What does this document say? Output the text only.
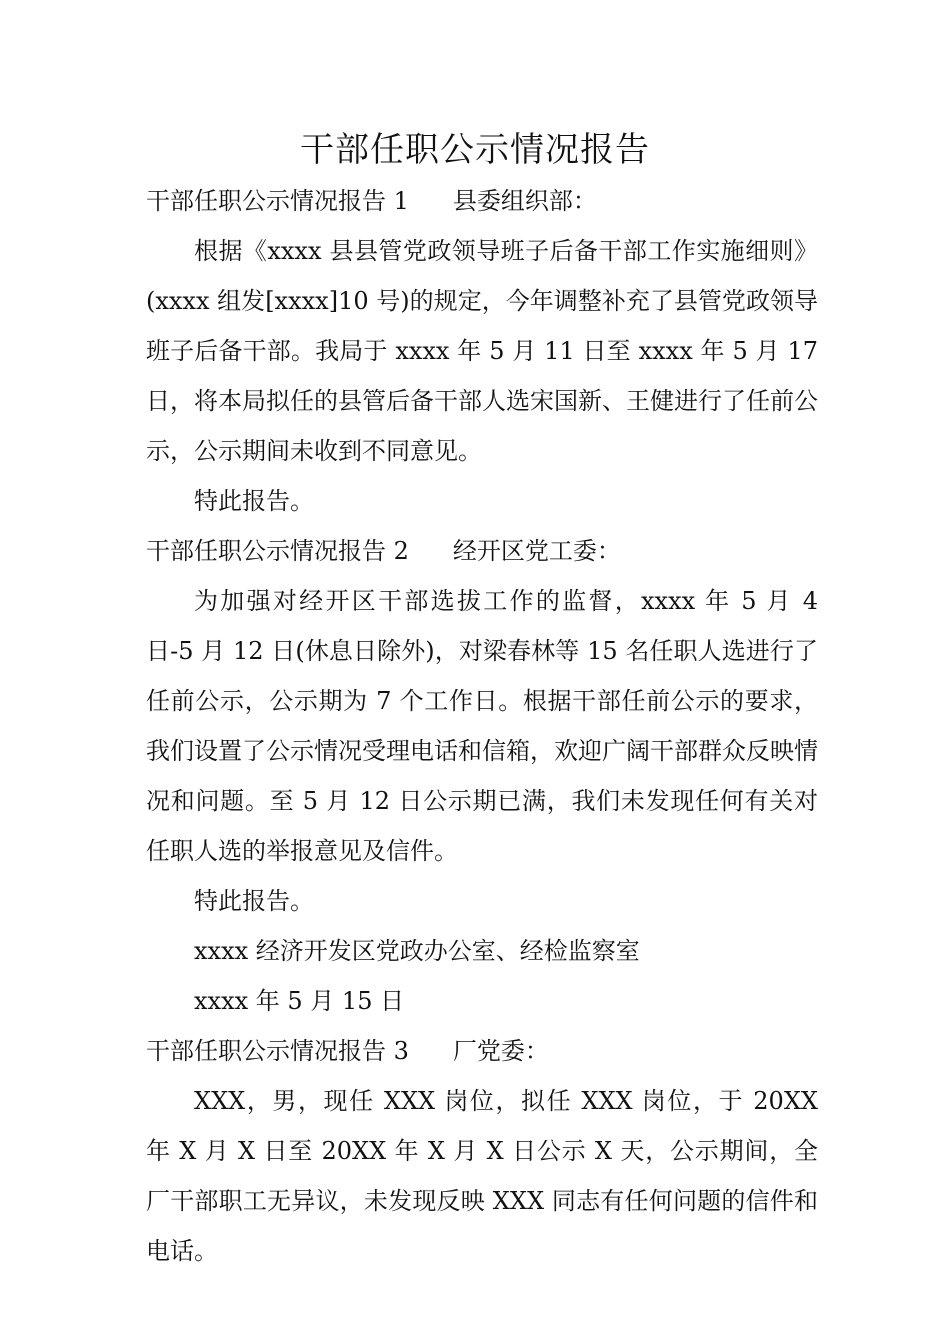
干部任职公示情况报告

干部任职公示情况报告 1 县委组织部：

根据《xxxx 县县管党政领导班子后备干部工作实施细则》(xxxx 组发[xxxx]10 号)的规定，今年调整补充了县管党政领导班子后备干部。我局于 xxxx 年 5 月 11 日至 xxxx 年 5 月 17 日，将本局拟任的县管后备干部人选宋国新、王健进行了任前公示，公示期间未收到不同意见。

特此报告。

干部任职公示情况报告 2 经开区党工委：

为加强对经开区干部选拔工作的监督，xxxx 年 5 月 4 日-5 月 12 日(休息日除外)，对梁春林等 15 名任职人选进行了任前公示，公示期为 7 个工作日。根据干部任前公示的要求，我们设置了公示情况受理电话和信箱，欢迎广阔干部群众反映情况和问题。至 5 月 12 日公示期已满，我们未发现任何有关对任职人选的举报意见及信件。

特此报告。

xxxx 经济开发区党政办公室、经检监察室

xxxx 年 5 月 15 日

干部任职公示情况报告 3 厂党委：

XXX，男，现任 XXX 岗位，拟任 XXX 岗位，于 20XX 年 X 月 X 日至 20XX 年 X 月 X 日公示 X 天，公示期间，全厂干部职工无异议，未发现反映 XXX 同志有任何问题的信件和电话。
